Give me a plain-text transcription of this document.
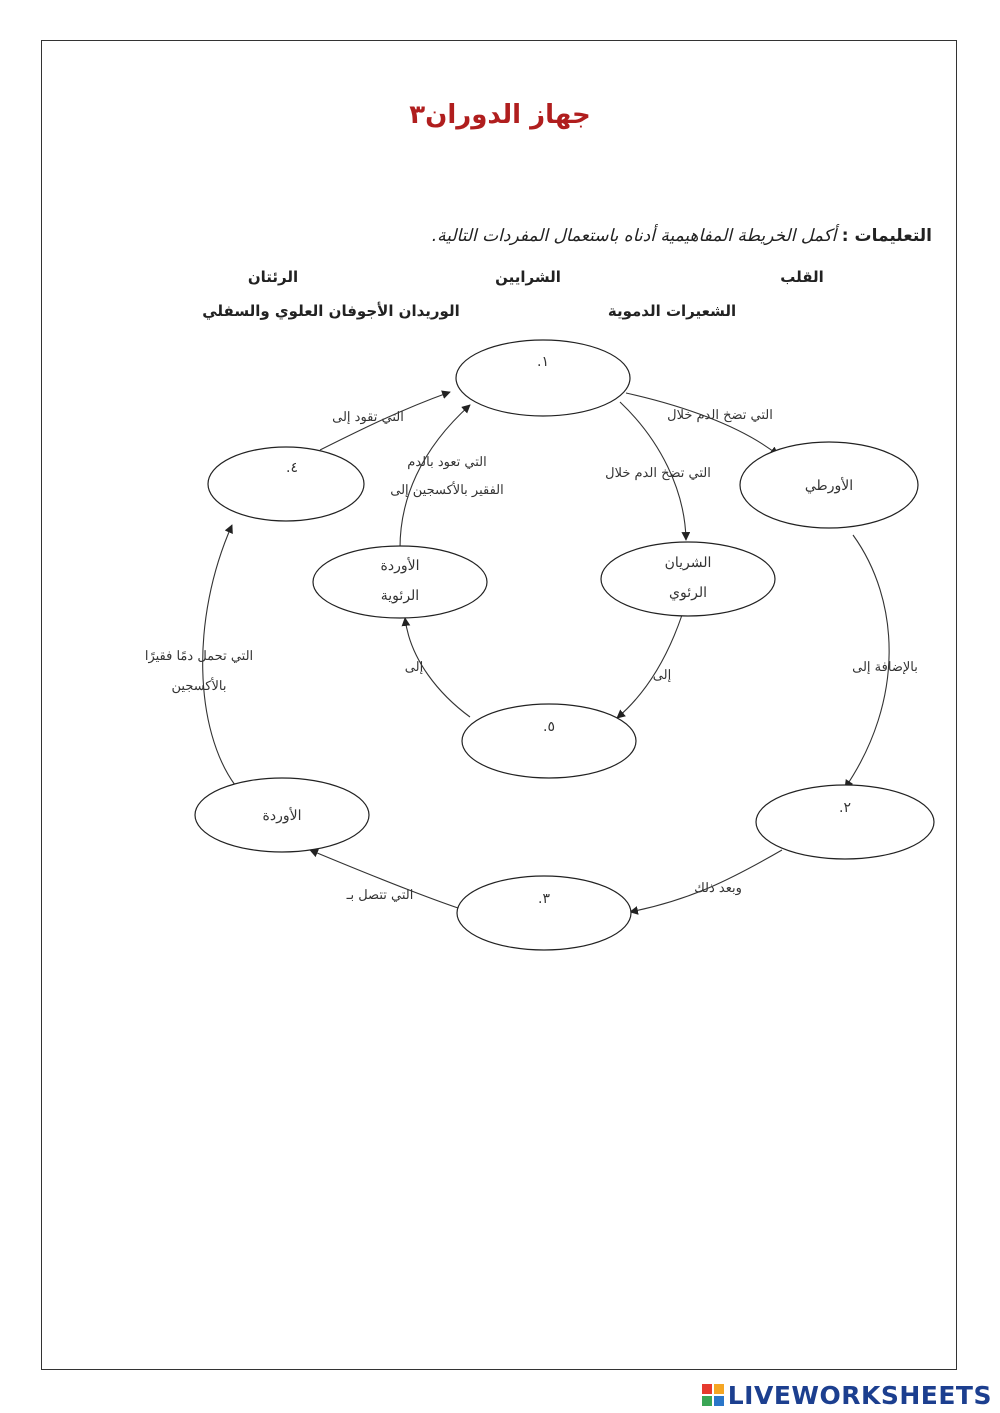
جهاز الدوران٣
التعليمات : أكمل الخريطة المفاهيمية أدناه باستعمال المفردات التالية.
القلب
الشرايين
الرئتان
الشعيرات الدموية
الوريدان الأجوفان العلوي والسفلي
١.
الأورطي
٤.
الأوردة
الرئوية
الشريان
الرئوي
٥.
٢.
الأوردة
٣.
التي تضخ الدم خلال
التي تضخ الدم خلال
بالإضافة إلى
وبعد ذلك
التي تتصل بـ
التي تحمل دمًا فقيرًا
بالأكسجين
التي تقود إلى
التي تعود بالدم
الفقير بالأكسجين إلى
إلى
إلى
LIVEWORKSHEETS
